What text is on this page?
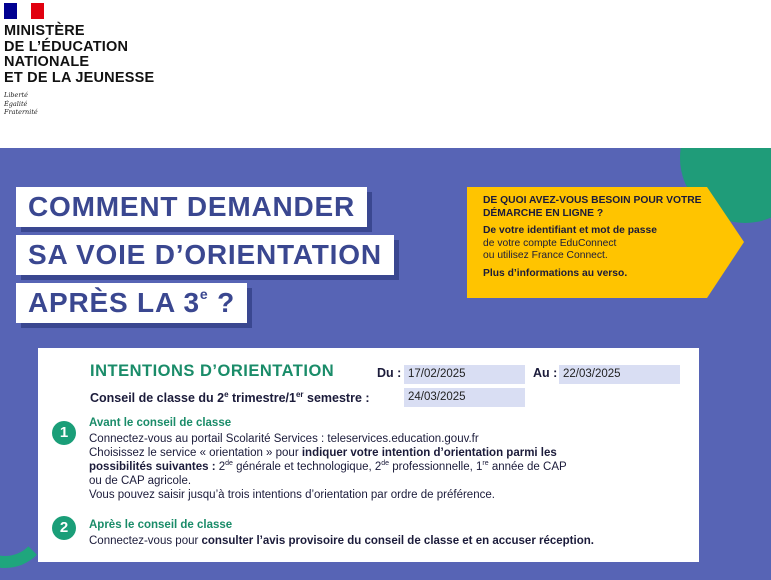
MINISTÈRE
DE L’ÉDUCATION
NATIONALE
ET DE LA JEUNESSE
Liberté
Égalité
Fraternité
COMMENT DEMANDER
SA VOIE D’ORIENTATION
APRÈS LA 3e ?
DE QUOI AVEZ-VOUS BESOIN POUR VOTRE DÉMARCHE EN LIGNE ?
De votre identifiant et mot de passe
de votre compte EduConnect
ou utilisez France Connect.
Plus d’informations au verso.
INTENTIONS D’ORIENTATION	Du : 17/02/2025	Au : 22/03/2025
Conseil de classe du 2e trimestre/1er semestre :	24/03/2025
1
Avant le conseil de classe
Connectez-vous au portail Scolarité Services : teleservices.education.gouv.fr
Choisissez le service « orientation » pour indiquer votre intention d’orientation parmi les
possibilités suivantes : 2de générale et technologique, 2de professionnelle, 1re année de CAP
ou de CAP agricole.
Vous pouvez saisir jusqu’à trois intentions d’orientation par ordre de préférence.
2	Après le conseil de classe
Connectez-vous pour consulter l’avis provisoire du conseil de classe et en accuser réception.
